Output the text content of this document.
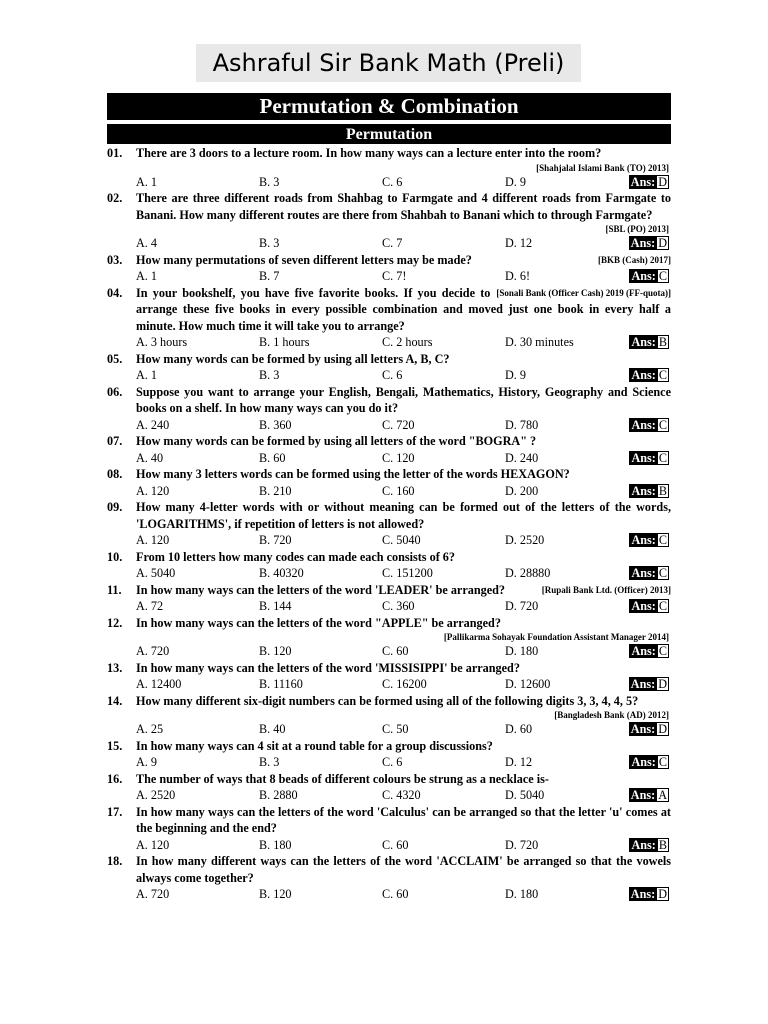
Ashraful Sir Bank Math (Preli)
Permutation & Combination
Permutation
01.	There are 3 doors to a lecture room. In how many ways can a lecture enter into the room?
[Shahjalal Islami Bank (TO) 2013]
A. 1	B. 3	C. 6	D. 9	Ans: D
02.	There are three different roads from Shahbag to Farmgate and 4 different roads from Farmgate to Banani. How many different routes are there from Shahbah to Banani which to through Farmgate?
[SBL (PO) 2013]
A. 4	B. 3	C. 7	D. 12	Ans: D
03.	[BKB (Cash) 2017]
How many permutations of seven different letters may be made?
A. 1	B. 7	C. 7!	D. 6!	Ans: C
04.	[Sonali Bank (Officer Cash) 2019 (FF-quota)]
In your bookshelf, you have five favorite books. If you decide to arrange these five books in every possible combination and moved just one book in every half a minute. How much time it will take you to arrange?
A. 3 hours	B. 1 hours	C. 2 hours	D. 30 minutes	Ans: B
05.	How many words can be formed by using all letters A, B, C?
A. 1	B. 3	C. 6	D. 9	Ans: C
06.	Suppose you want to arrange your English, Bengali, Mathematics, History, Geography and Science books on a shelf. In how many ways can you do it?
A. 240	B. 360	C. 720	D. 780	Ans: C
07.	How many words can be formed by using all letters of the word "BOGRA" ?
A. 40	B. 60	C. 120	D. 240	Ans: C
08.	How many 3 letters words can be formed using the letter of the words HEXAGON?
A. 120	B. 210	C. 160	D. 200	Ans: B
09.	How many 4-letter words with or without meaning can be formed out of the letters of the words, 'LOGARITHMS', if repetition of letters is not allowed?
A. 120	B. 720	C. 5040	D. 2520	Ans: C
10.	From 10 letters how many codes can made each consists of 6?
A. 5040	B. 40320	C. 151200	D. 28880	Ans: C
11.	[Rupali Bank Ltd. (Officer) 2013]
In how many ways can the letters of the word 'LEADER' be arranged?
A. 72	B. 144	C. 360	D. 720	Ans: C
12.	In how many ways can the letters of the word "APPLE" be arranged?
[Pallikarma Sohayak Foundation Assistant Manager 2014]
A. 720	B. 120	C. 60	D. 180	Ans: C
13.	In how many ways can the letters of the word 'MISSISIPPI' be arranged?
A. 12400	B. 11160	C. 16200	D. 12600	Ans: D
14.	How many different six-digit numbers can be formed using all of the following digits 3, 3, 4, 4, 5?
[Bangladesh Bank (AD) 2012]
A. 25	B. 40	C. 50	D. 60	Ans: D
15.	In how many ways can 4 sit at a round table for a group discussions?
A. 9	B. 3	C. 6	D. 12	Ans: C
16.	The number of ways that 8 beads of different colours be strung as a necklace is-
A. 2520	B. 2880	C. 4320	D. 5040	Ans: A
17.	In how many ways can the letters of the word 'Calculus' can be arranged so that the letter 'u' comes at the beginning and the end?
A. 120	B. 180	C. 60	D. 720	Ans: B
18.	In how many different ways can the letters of the word 'ACCLAIM' be arranged so that the vowels always come together?
A. 720	B. 120	C. 60	D. 180	Ans: D
